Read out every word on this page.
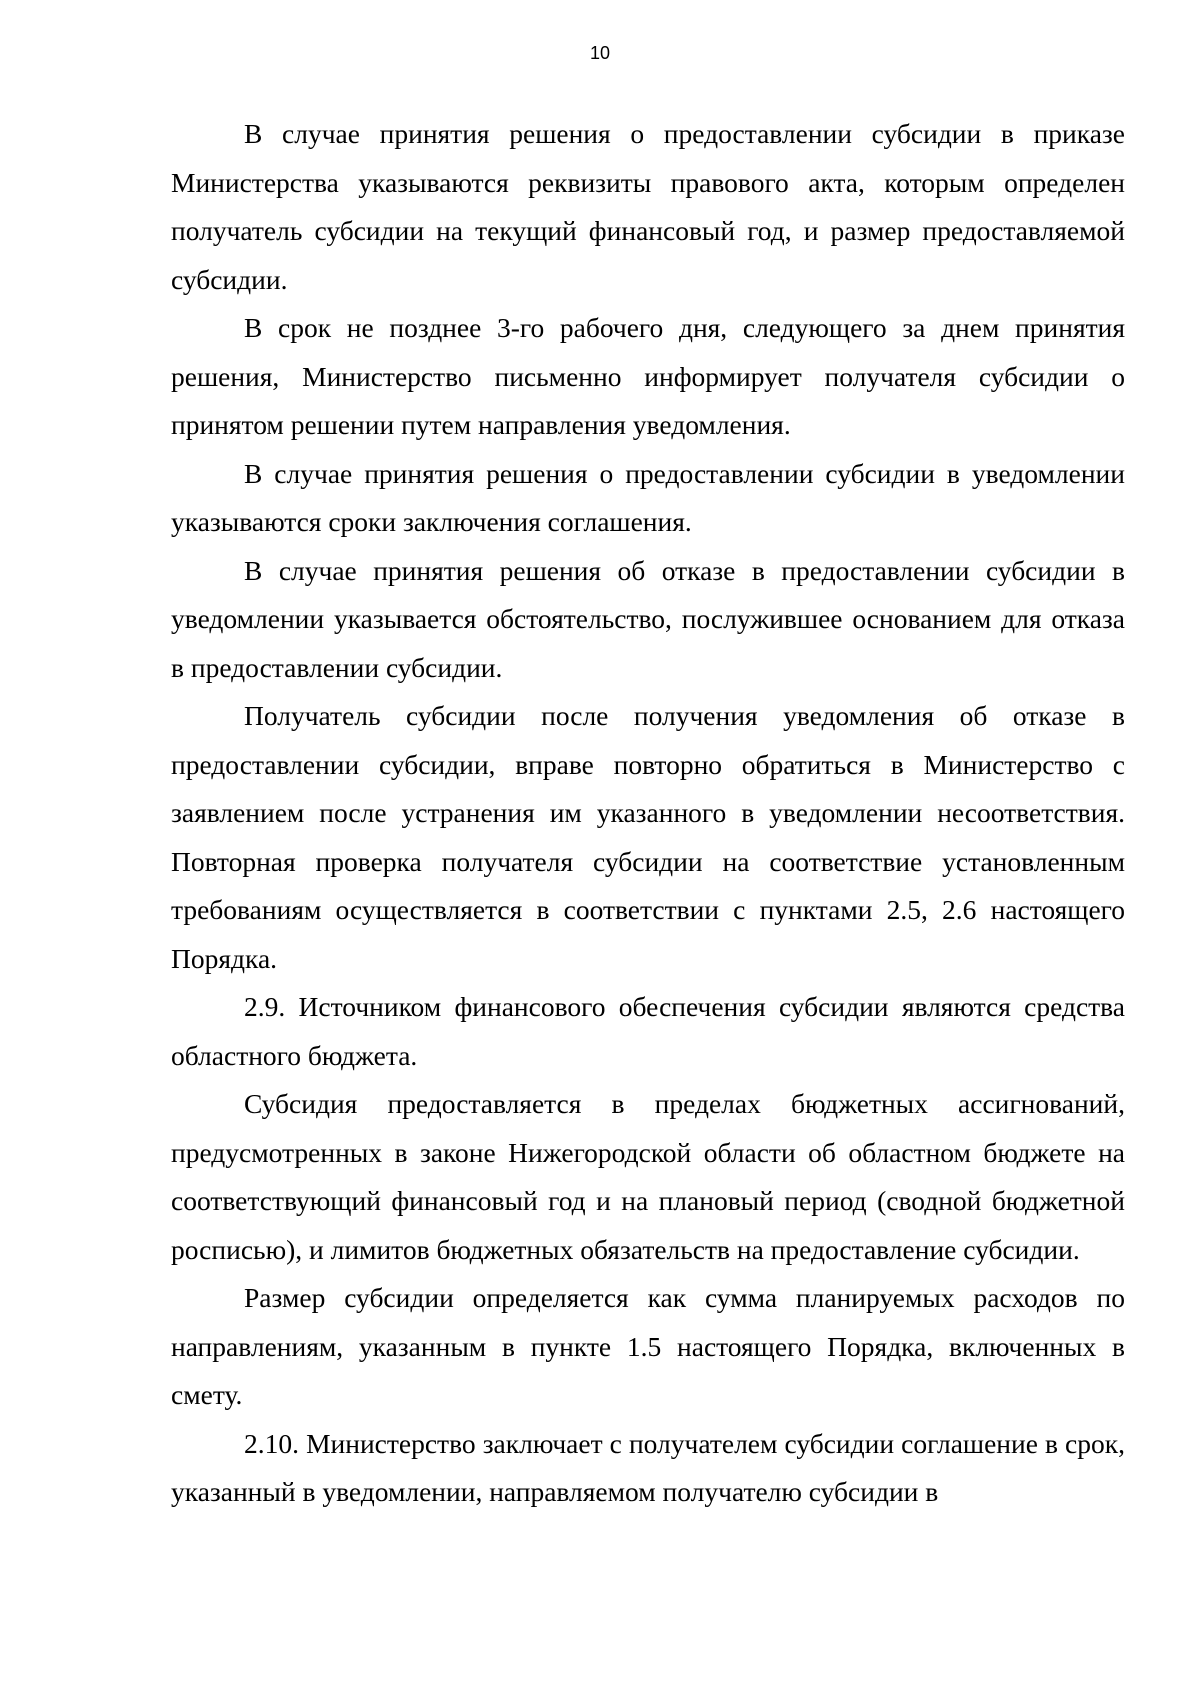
10

В случае принятия решения о предоставлении субсидии в приказе Министерства указываются реквизиты правового акта, которым определен получатель субсидии на текущий финансовый год, и размер предоставляемой субсидии.

В срок не позднее 3-го рабочего дня, следующего за днем принятия решения, Министерство письменно информирует получателя субсидии о принятом решении путем направления уведомления.

В случае принятия решения о предоставлении субсидии в уведомлении указываются сроки заключения соглашения.

В случае принятия решения об отказе в предоставлении субсидии в уведомлении указывается обстоятельство, послужившее основанием для отказа в предоставлении субсидии.

Получатель субсидии после получения уведомления об отказе в предоставлении субсидии, вправе повторно обратиться в Министерство с заявлением после устранения им указанного в уведомлении несоответствия. Повторная проверка получателя субсидии на соответствие установленным требованиям осуществляется в соответствии с пунктами 2.5, 2.6 настоящего Порядка.

2.9. Источником финансового обеспечения субсидии являются средства областного бюджета.

Субсидия предоставляется в пределах бюджетных ассигнований, предусмотренных в законе Нижегородской области об областном бюджете на соответствующий финансовый год и на плановый период (сводной бюджетной росписью), и лимитов бюджетных обязательств на предоставление субсидии.

Размер субсидии определяется как сумма планируемых расходов по направлениям, указанным в пункте 1.5 настоящего Порядка, включенных в смету.

2.10. Министерство заключает с получателем субсидии соглашение в срок, указанный в уведомлении, направляемом получателю субсидии в
